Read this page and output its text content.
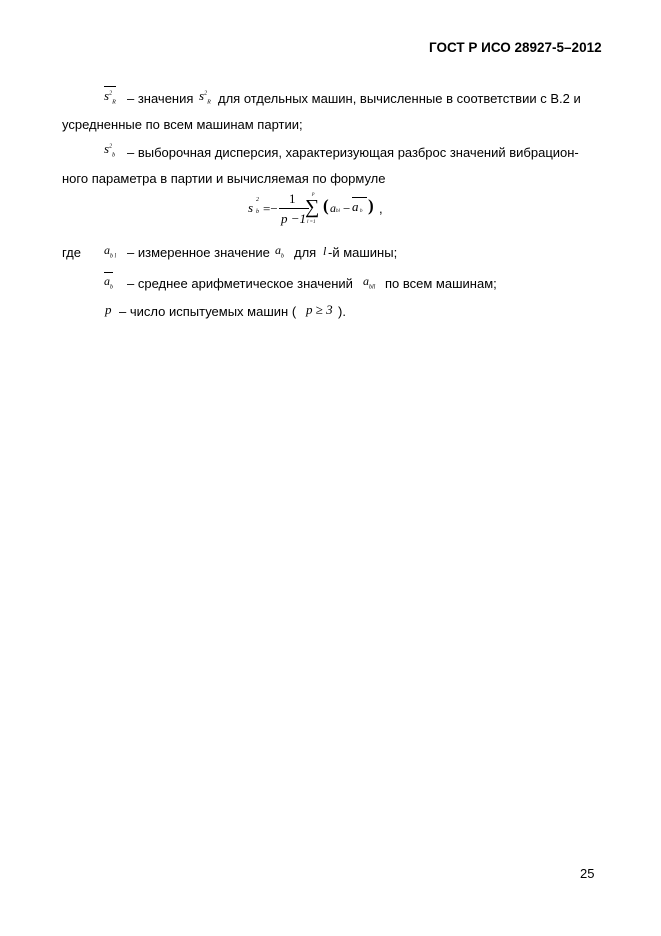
ГОСТ Р ИСО 28927-5–2012
$s^2_R$ – значения $s^2_R$ для отдельных машин, вычисленные в соответствии с В.2 и
усредненные по всем машинам партии;
$s^2_b$ – выборочная дисперсия, характеризующая разброс значений вибрацион-
ного параметра в партии и вычисляемая по формуле
s 2
b =−
1
p −1
p
∑
l =1
( a bl − a b ) ,
где $a_{b l}$ – измеренное значение $a_b$ для l -й машины;
$a_b$ – среднее арифметическое значений $a_{bll}$ по всем машинам;
p – число испытуемых машин ( p ≥ 3 ).
25
